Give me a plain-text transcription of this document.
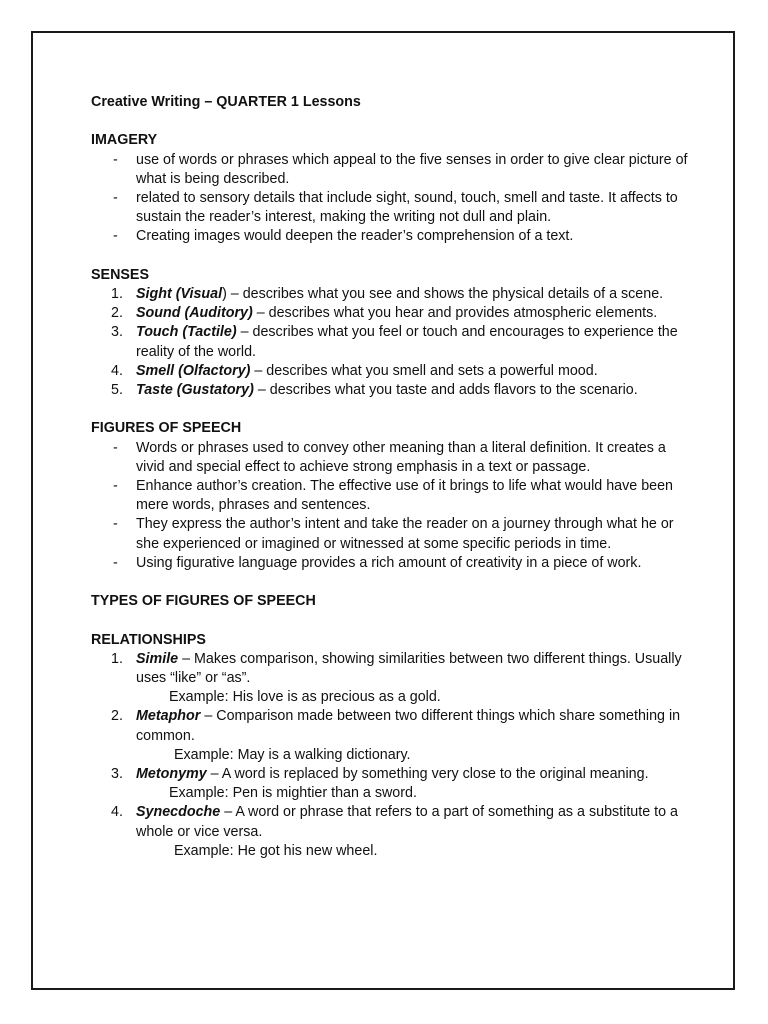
Creative Writing – QUARTER 1 Lessons

IMAGERY

- use of words or phrases which appeal to the five senses in order to give clear picture of what is being described.
- related to sensory details that include sight, sound, touch, smell and taste. It affects to sustain the reader’s interest, making the writing not dull and plain.
- Creating images would deepen the reader’s comprehension of a text.

SENSES

1. Sight (Visual) – describes what you see and shows the physical details of a scene.
2. Sound (Auditory) – describes what you hear and provides atmospheric elements.
3. Touch (Tactile) – describes what you feel or touch and encourages to experience the reality of the world.
4. Smell (Olfactory) – describes what you smell and sets a powerful mood.
5. Taste (Gustatory) – describes what you taste and adds flavors to the scenario.

FIGURES OF SPEECH

- Words or phrases used to convey other meaning than a literal definition. It creates a vivid and special effect to achieve strong emphasis in a text or passage.
- Enhance author’s creation. The effective use of it brings to life what would have been mere words, phrases and sentences.
- They express the author’s intent and take the reader on a journey through what he or she experienced or imagined or witnessed at some specific periods in time.
- Using figurative language provides a rich amount of creativity in a piece of work.

TYPES OF FIGURES OF SPEECH

RELATIONSHIPS

1. Simile – Makes comparison, showing similarities between two different things. Usually uses “like” or “as”.
Example: His love is as precious as a gold.
2. Metaphor – Comparison made between two different things which share something in common.
Example: May is a walking dictionary.
3. Metonymy – A word is replaced by something very close to the original meaning.
Example: Pen is mightier than a sword.
4. Synecdoche – A word or phrase that refers to a part of something as a substitute to a whole or vice versa.
Example: He got his new wheel.
